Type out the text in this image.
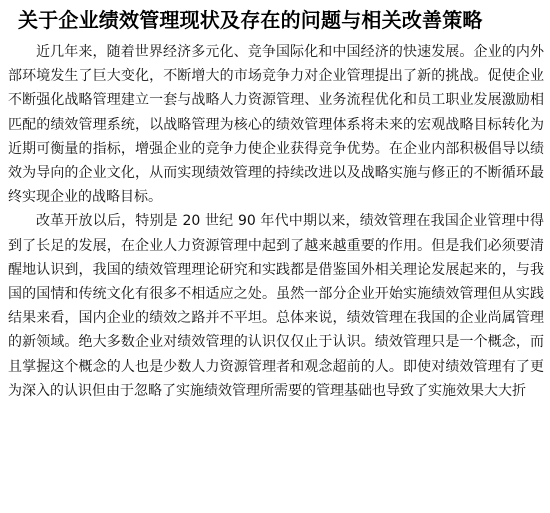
关于企业绩效管理现状及存在的问题与相关改善策略

近几年来，随着世界经济多元化、竞争国际化和中国经济的快速发展。企业的内外部环境发生了巨大变化，不断增大的市场竞争力对企业管理提出了新的挑战。促使企业不断强化战略管理建立一套与战略人力资源管理、业务流程优化和员工职业发展激励相匹配的绩效管理系统，以战略管理为核心的绩效管理体系将未来的宏观战略目标转化为近期可衡量的指标，增强企业的竞争力使企业获得竞争优势。在企业内部积极倡导以绩效为导向的企业文化，从而实现绩效管理的持续改进以及战略实施与修正的不断循环最终实现企业的战略目标。

改革开放以后，特别是 20 世纪 90 年代中期以来，绩效管理在我国企业管理中得到了长足的发展，在企业人力资源管理中起到了越来越重要的作用。但是我们必须要清醒地认识到，我国的绩效管理理论研究和实践都是借鉴国外相关理论发展起来的，与我国的国情和传统文化有很多不相适应之处。虽然一部分企业开始实施绩效管理但从实践结果来看，国内企业的绩效之路并不平坦。总体来说，绩效管理在我国的企业尚属管理的新领域。绝大多数企业对绩效管理的认识仅仅止于认识。绩效管理只是一个概念，而且掌握这个概念的人也是少数人力资源管理者和观念超前的人。即使对绩效管理有了更为深入的认识但由于忽略了实施绩效管理所需要的管理基础也导致了实施效果大大折
